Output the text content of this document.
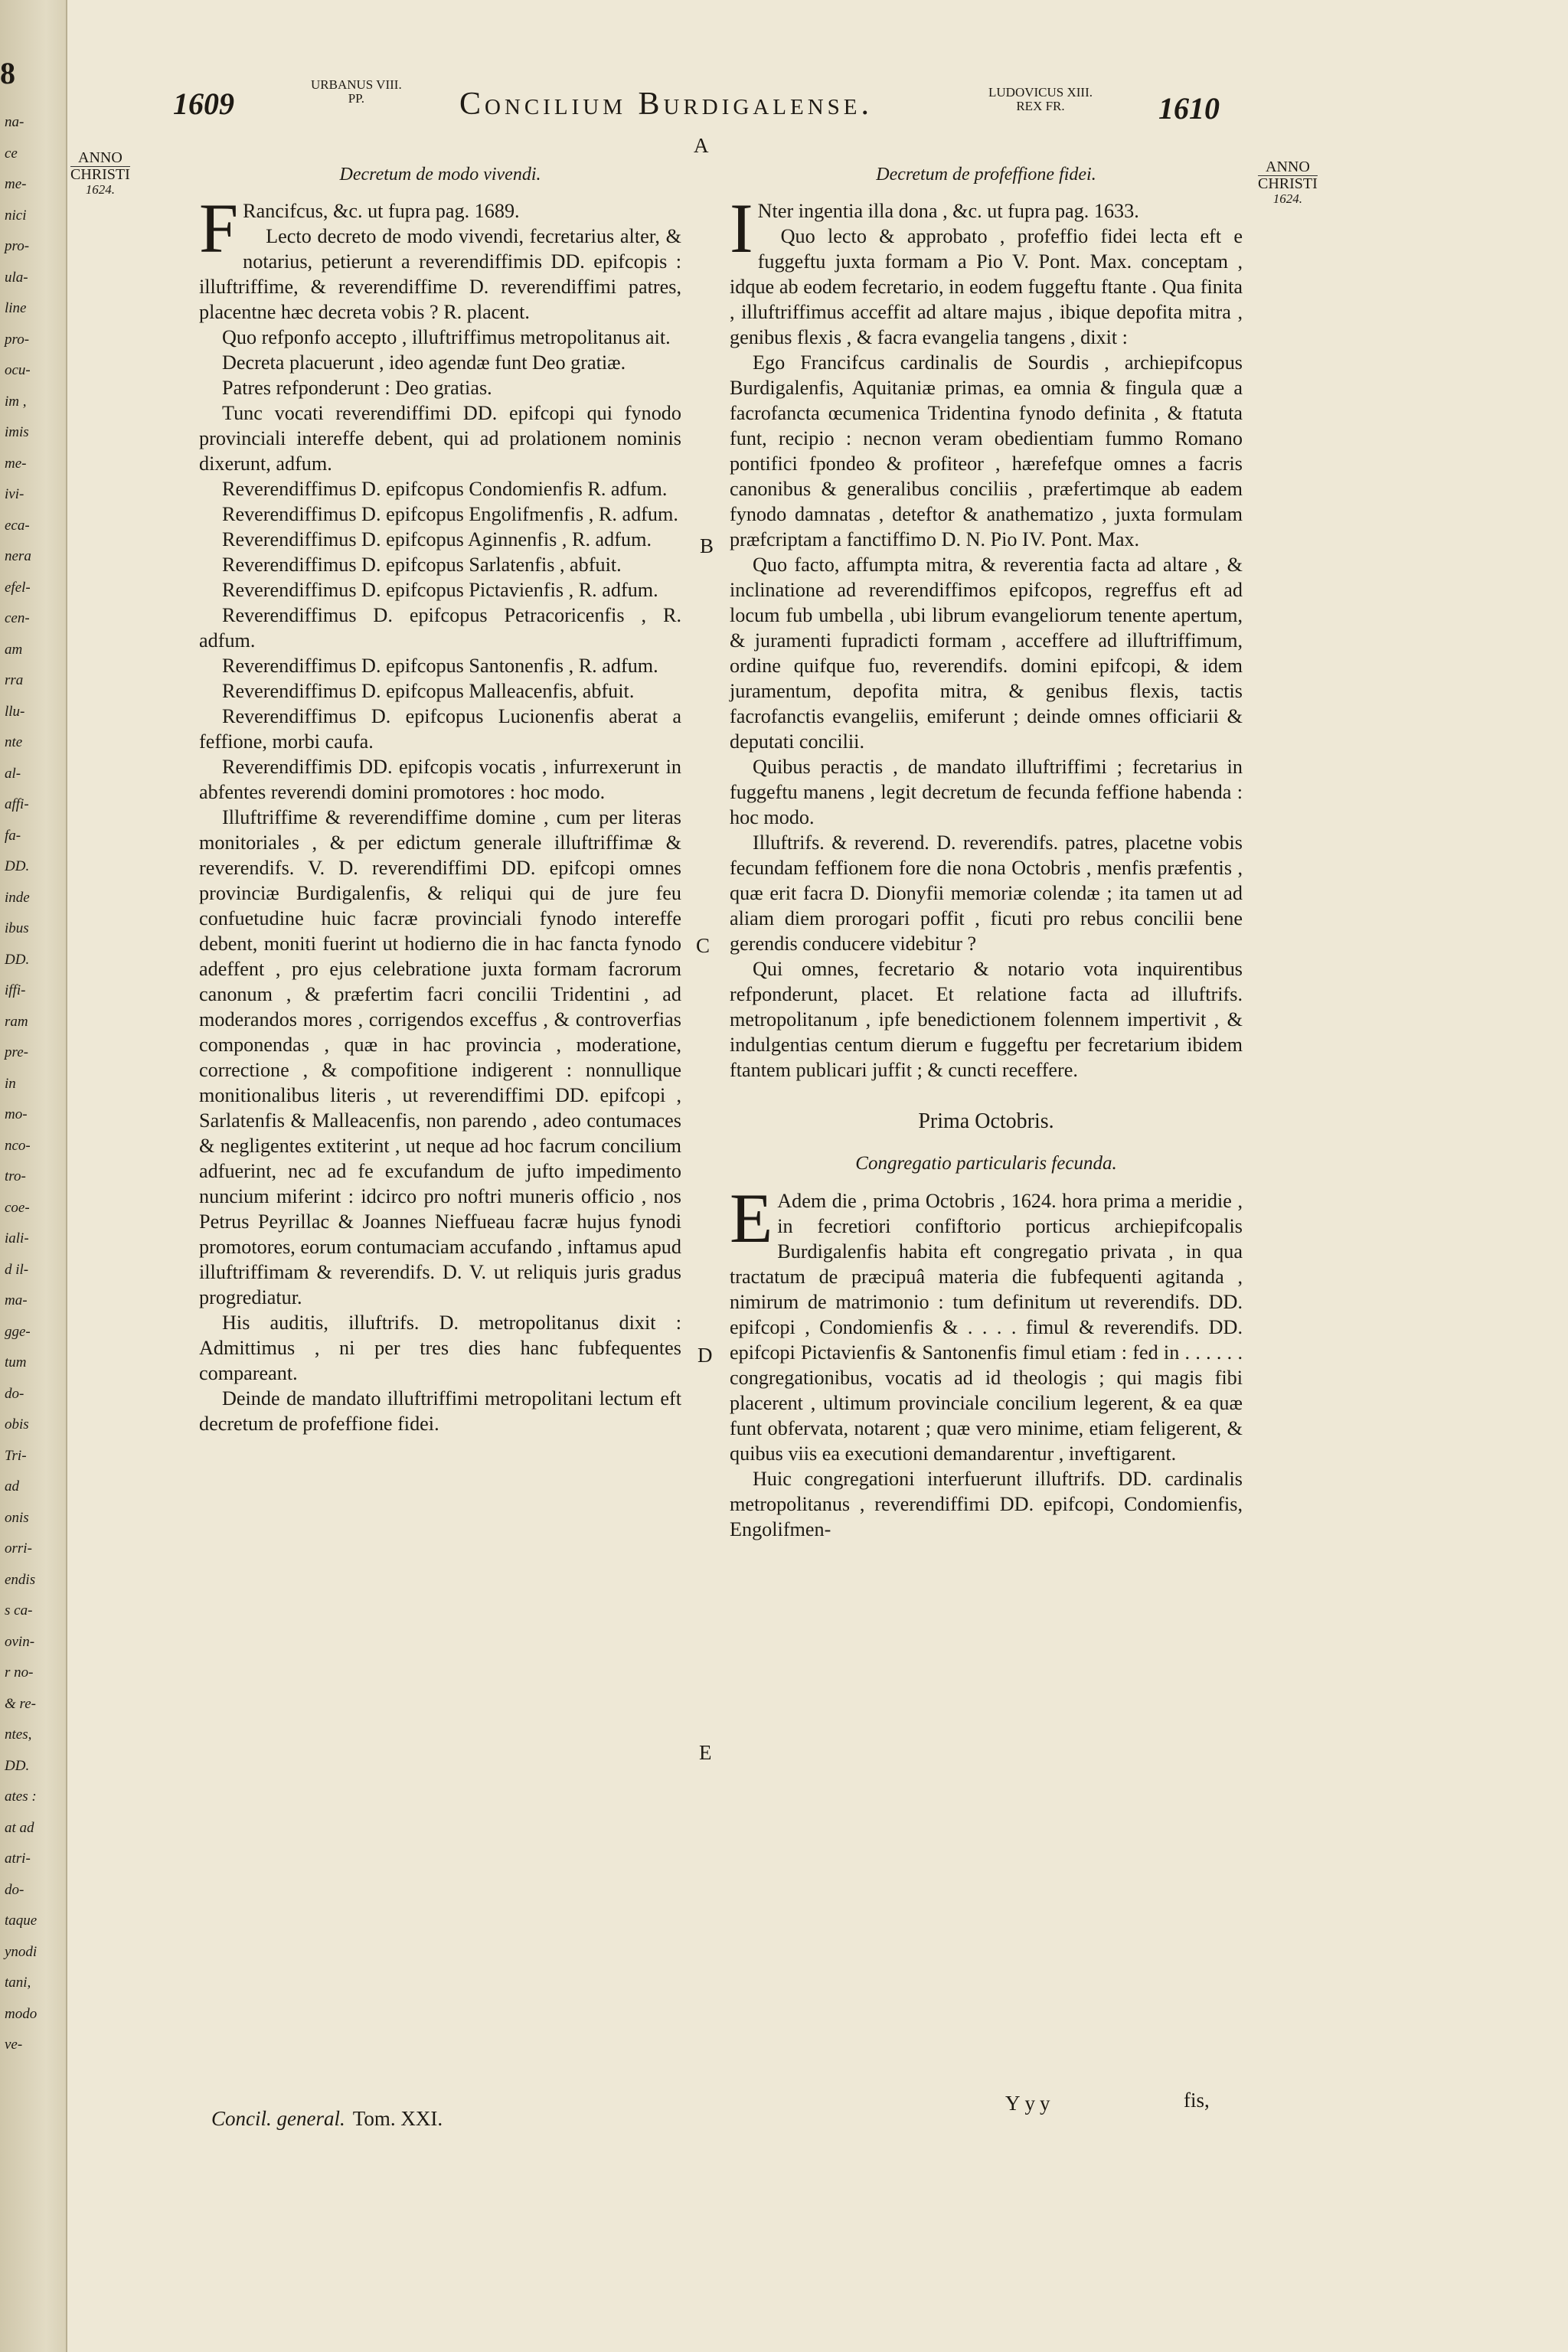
8
na-
ce
me-
nici
pro-
ula-
line
pro-
ocu-
im ,
imis
me-
ivi-
eca-
nera
efel-
cen-
am
rra
llu-
nte
al-
affi-
fa-
DD.
inde
ibus
DD.
iffi-
ram
pre-
in
mo-
nco-
tro-
coe-
iali-
d il-
ma-
gge-
tum
do-
obis
Tri-
ad
onis
orri-
endis
s ca-
ovin-
r no-
& re-
ntes,
DD.
ates :
at ad
atri-
do-
taque
ynodi
tani,
modo
ve-
1609
URBANUS VIII.
PP.	Concilium Burdigalense.	LUDOVICUS XIII.
REX FR.	1610
ANNO
CHRISTI
1624.
ANNO
CHRISTI
1624.
A
B
C
D
E
Decretum de modo vivendi.
F Rancifcus, &c. ut fupra pag. 1689.

Lecto decreto de modo vivendi, fecretarius alter, & notarius, petierunt a reverendiffimis DD. epifcopis : illuftriffime, & reverendiffime D. reverendiffimi patres, placentne hæc decreta vobis ? R. placent.

Quo refponfo accepto , illuftriffimus metropolitanus ait.

Decreta placuerunt , ideo agendæ funt Deo gratiæ.

Patres refponderunt : Deo gratias.

Tunc vocati reverendiffimi DD. epifcopi qui fynodo provinciali intereffe debent, qui ad prolationem nominis dixerunt, adfum.

Reverendiffimus D. epifcopus Condomienfis R. adfum.

Reverendiffimus D. epifcopus Engolifmenfis , R. adfum.

Reverendiffimus D. epifcopus Aginnenfis , R. adfum.

Reverendiffimus D. epifcopus Sarlatenfis , abfuit.

Reverendiffimus D. epifcopus Pictavienfis , R. adfum.

Reverendiffimus D. epifcopus Petracoricenfis , R. adfum.

Reverendiffimus D. epifcopus Santonenfis , R. adfum.

Reverendiffimus D. epifcopus Malleacenfis, abfuit.

Reverendiffimus D. epifcopus Lucionenfis aberat a feffione, morbi caufa.

Reverendiffimis DD. epifcopis vocatis , infurrexerunt in abfentes reverendi domini promotores : hoc modo.

Illuftriffime & reverendiffime domine , cum per literas monitoriales , & per edictum generale illuftriffimæ & reverendifs. V. D. reverendiffimi DD. epifcopi omnes provinciæ Burdigalenfis, & reliqui qui de jure feu confuetudine huic facræ provinciali fynodo intereffe debent, moniti fuerint ut hodierno die in hac fancta fynodo adeffent , pro ejus celebratione juxta formam facrorum canonum , & præfertim facri concilii Tridentini , ad moderandos mores , corrigendos exceffus , & controverfias componendas , quæ in hac provincia , moderatione, correctione , & compofitione indigerent : nonnullique monitionalibus literis , ut reverendiffimi DD. epifcopi , Sarlatenfis & Malleacenfis, non parendo , adeo contumaces & negligentes extiterint , ut neque ad hoc facrum concilium adfuerint, nec ad fe excufandum de jufto impedimento nuncium miferint : idcirco pro noftri muneris officio , nos Petrus Peyrillac & Joannes Nieffueau facræ hujus fynodi promotores, eorum contumaciam accufando , inftamus apud illuftriffimam & reverendifs. D. V. ut reliquis juris gradus progrediatur.

His auditis, illuftrifs. D. metropolitanus dixit : Admittimus , ni per tres dies hanc fubfequentes compareant.

Deinde de mandato illuftriffimi metropolitani lectum eft decretum de profeffione fidei.

Decretum de profeffione fidei.
I Nter ingentia illa dona , &c. ut fupra pag. 1633.

Quo lecto & approbato , profeffio fidei lecta eft e fuggeftu juxta formam a Pio V. Pont. Max. conceptam , idque ab eodem fecretario, in eodem fuggeftu ftante . Qua finita , illuftriffimus acceffit ad altare majus , ibique depofita mitra , genibus flexis , & facra evangelia tangens , dixit :

Ego Francifcus cardinalis de Sourdis , archiepifcopus Burdigalenfis, Aquitaniæ primas, ea omnia & fingula quæ a facrofancta œcumenica Tridentina fynodo definita , & ftatuta funt, recipio : necnon veram obedientiam fummo Romano pontifici fpondeo & profiteor , hærefefque omnes a facris canonibus & generalibus conciliis , præfertimque ab eadem fynodo damnatas , deteftor & anathematizo , juxta formulam præfcriptam a fanctiffimo D. N. Pio IV. Pont. Max.

Quo facto, affumpta mitra, & reverentia facta ad altare , & inclinatione ad reverendiffimos epifcopos, regreffus eft ad locum fub umbella , ubi librum evangeliorum tenente apertum, & juramenti fupradicti formam , acceffere ad illuftriffimum, ordine quifque fuo, reverendifs. domini epifcopi, & idem juramentum, depofita mitra, & genibus flexis, tactis facrofanctis evangeliis, emiferunt ; deinde omnes officiarii & deputati concilii.

Quibus peractis , de mandato illuftriffimi ; fecretarius in fuggeftu manens , legit decretum de fecunda feffione habenda : hoc modo.

Illuftrifs. & reverend. D. reverendifs. patres, placetne vobis fecundam feffionem fore die nona Octobris , menfis præfentis , quæ erit facra D. Dionyfii memoriæ colendæ ; ita tamen ut ad aliam diem prorogari poffit , ficuti pro rebus concilii bene gerendis conducere videbitur ?

Qui omnes, fecretario & notario vota inquirentibus refponderunt, placet. Et relatione facta ad illuftrifs. metropolitanum , ipfe benedictionem folennem impertivit , & indulgentias centum dierum e fuggeftu per fecretarium ibidem ftantem publicari juffit ; & cuncti receffere.

Prima Octobris.
Congregatio particularis fecunda.
E Adem die , prima Octobris , 1624. hora prima a meridie , in fecretiori confiftorio porticus archiepifcopalis Burdigalenfis habita eft congregatio privata , in qua tractatum de præcipuâ materia die fubfequenti agitanda , nimirum de matrimonio : tum definitum ut reverendifs. DD. epifcopi , Condomienfis & . . . . fimul & reverendifs. DD. epifcopi Pictavienfis & Santonenfis fimul etiam : fed in . . . . . . congregationibus, vocatis ad id theologis ; qui magis fibi placerent , ultimum provinciale concilium legerent, & ea quæ funt obfervata, notarent ; quæ vero minime, etiam feligerent, & quibus viis ea executioni demandarentur , inveftigarent.

Huic congregationi interfuerunt illuftrifs. DD. cardinalis metropolitanus , reverendiffimi DD. epifcopi, Condomienfis, Engolifmen-

Concil. general. Tom. XXI.
Yyy	fis,
